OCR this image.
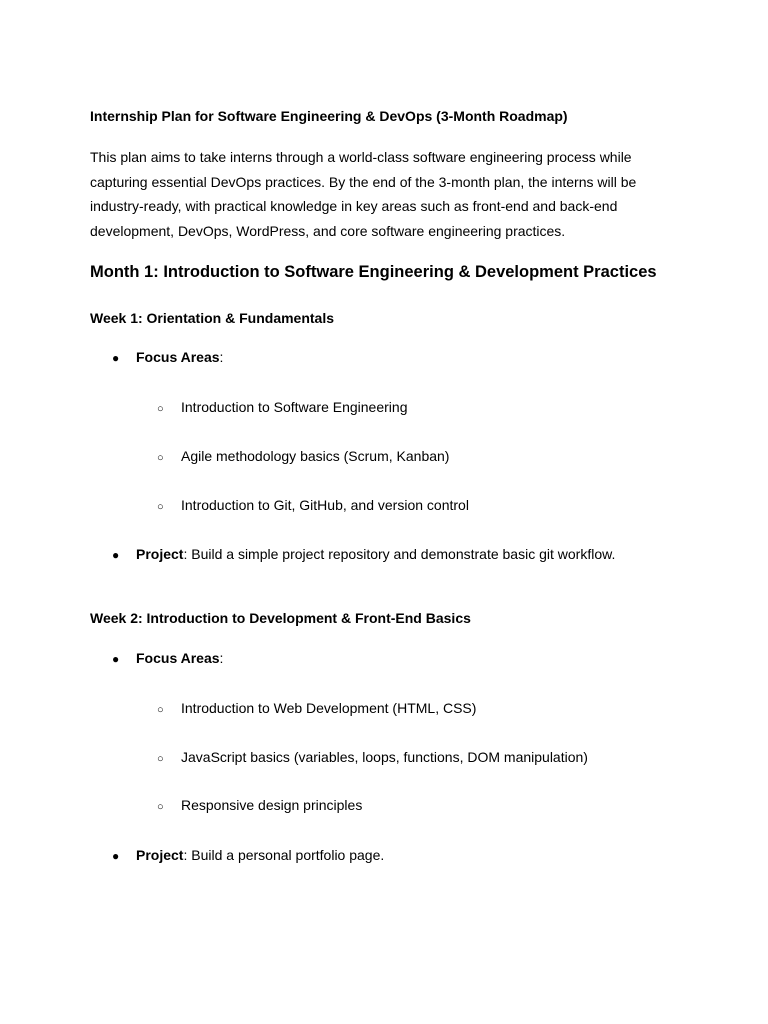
Internship Plan for Software Engineering & DevOps (3-Month Roadmap)
This plan aims to take interns through a world-class software engineering process while
capturing essential DevOps practices. By the end of the 3-month plan, the interns will be
industry-ready, with practical knowledge in key areas such as front-end and back-end
development, DevOps, WordPress, and core software engineering practices.
Month 1: Introduction to Software Engineering & Development Practices
Week 1: Orientation & Fundamentals
● Focus Areas:
○ Introduction to Software Engineering
○ Agile methodology basics (Scrum, Kanban)
○ Introduction to Git, GitHub, and version control
● Project: Build a simple project repository and demonstrate basic git workflow.
Week 2: Introduction to Development & Front-End Basics
● Focus Areas:
○ Introduction to Web Development (HTML, CSS)
○ JavaScript basics (variables, loops, functions, DOM manipulation)
○ Responsive design principles
● Project: Build a personal portfolio page.
